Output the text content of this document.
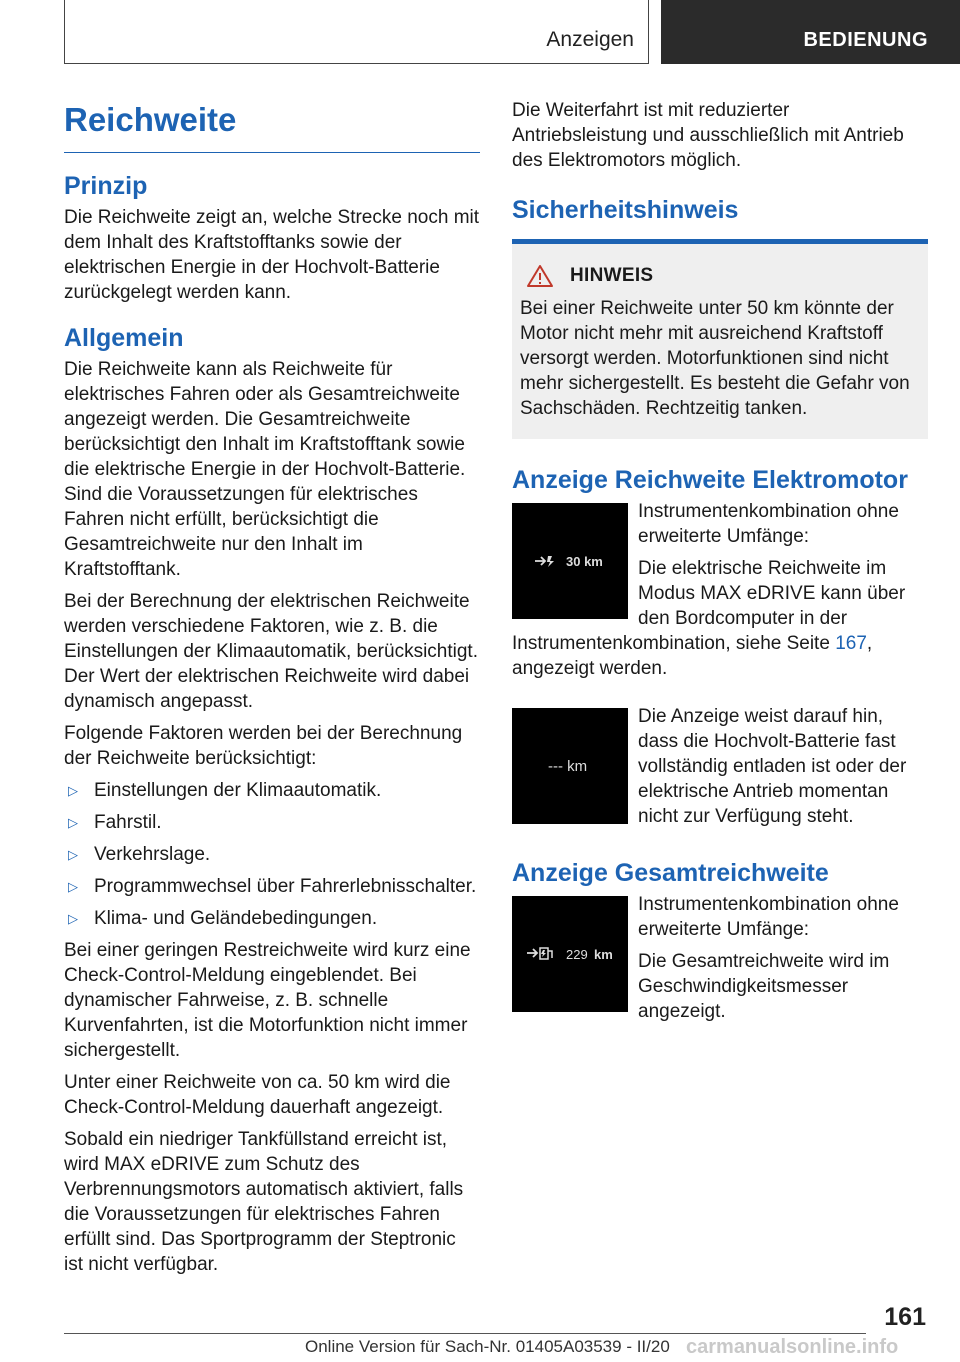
Anzeigen	BEDIENUNG
Reichweite
Prinzip

Die Reichweite zeigt an, welche Strecke noch mit dem Inhalt des Kraftstofftanks sowie der elektrischen Energie in der Hochvolt-Batterie zurückgelegt werden kann.

Allgemein

Die Reichweite kann als Reichweite für elektrisches Fahren oder als Gesamtreichweite angezeigt werden. Die Gesamtreichweite berücksichtigt den Inhalt im Kraftstofftank sowie die elektrische Energie in der Hochvolt-Batterie. Sind die Voraussetzungen für elektrisches Fahren nicht erfüllt, berücksichtigt die Gesamtreichweite nur den Inhalt im Kraftstofftank.

Bei der Berechnung der elektrischen Reichweite werden verschiedene Faktoren, wie z. B. die Einstellungen der Klimaautomatik, berücksichtigt. Der Wert der elektrischen Reichweite wird dabei dynamisch angepasst.

Folgende Faktoren werden bei der Berechnung der Reichweite berücksichtigt:

▷ Einstellungen der Klimaautomatik.
▷ Fahrstil.
▷ Verkehrslage.
▷ Programmwechsel über Fahrerlebnisschalter.
▷ Klima- und Geländebedingungen.

Bei einer geringen Restreichweite wird kurz eine Check-Control-Meldung eingeblendet. Bei dynamischer Fahrweise, z. B. schnelle Kurvenfahrten, ist die Motorfunktion nicht immer sichergestellt.

Unter einer Reichweite von ca. 50 km wird die Check-Control-Meldung dauerhaft angezeigt.

Sobald ein niedriger Tankfüllstand erreicht ist, wird MAX eDRIVE zum Schutz des Verbrennungsmotors automatisch aktiviert, falls die Voraussetzungen für elektrisches Fahren erfüllt sind. Das Sportprogramm der Steptronic ist nicht verfügbar.

Die Weiterfahrt ist mit reduzierter Antriebsleistung und ausschließlich mit Antrieb des Elektromotors möglich.

Sicherheitshinweis
HINWEIS

Bei einer Reichweite unter 50 km könnte der Motor nicht mehr mit ausreichend Kraftstoff versorgt werden. Motorfunktionen sind nicht mehr sichergestellt. Es besteht die Gefahr von Sachschäden. Rechtzeitig tanken.

Anzeige Reichweite Elektromotor
30 km

Instrumentenkombination ohne erweiterte Umfänge:

Die elektrische Reichweite im Modus MAX eDRIVE kann über den Bordcomputer in der Instrumentenkombination, siehe Seite 167, angezeigt werden.

--- km

Die Anzeige weist darauf hin, dass die Hochvolt-Batterie fast vollständig entladen ist oder der elektrische Antrieb momentan nicht zur Verfügung steht.

Anzeige Gesamtreichweite
229 km

Instrumentenkombination ohne erweiterte Umfänge:

Die Gesamtreichweite wird im Geschwindigkeitsmesser angezeigt.

161
Online Version für Sach-Nr. 01405A03539 - II/20 carmanualsonline.info
